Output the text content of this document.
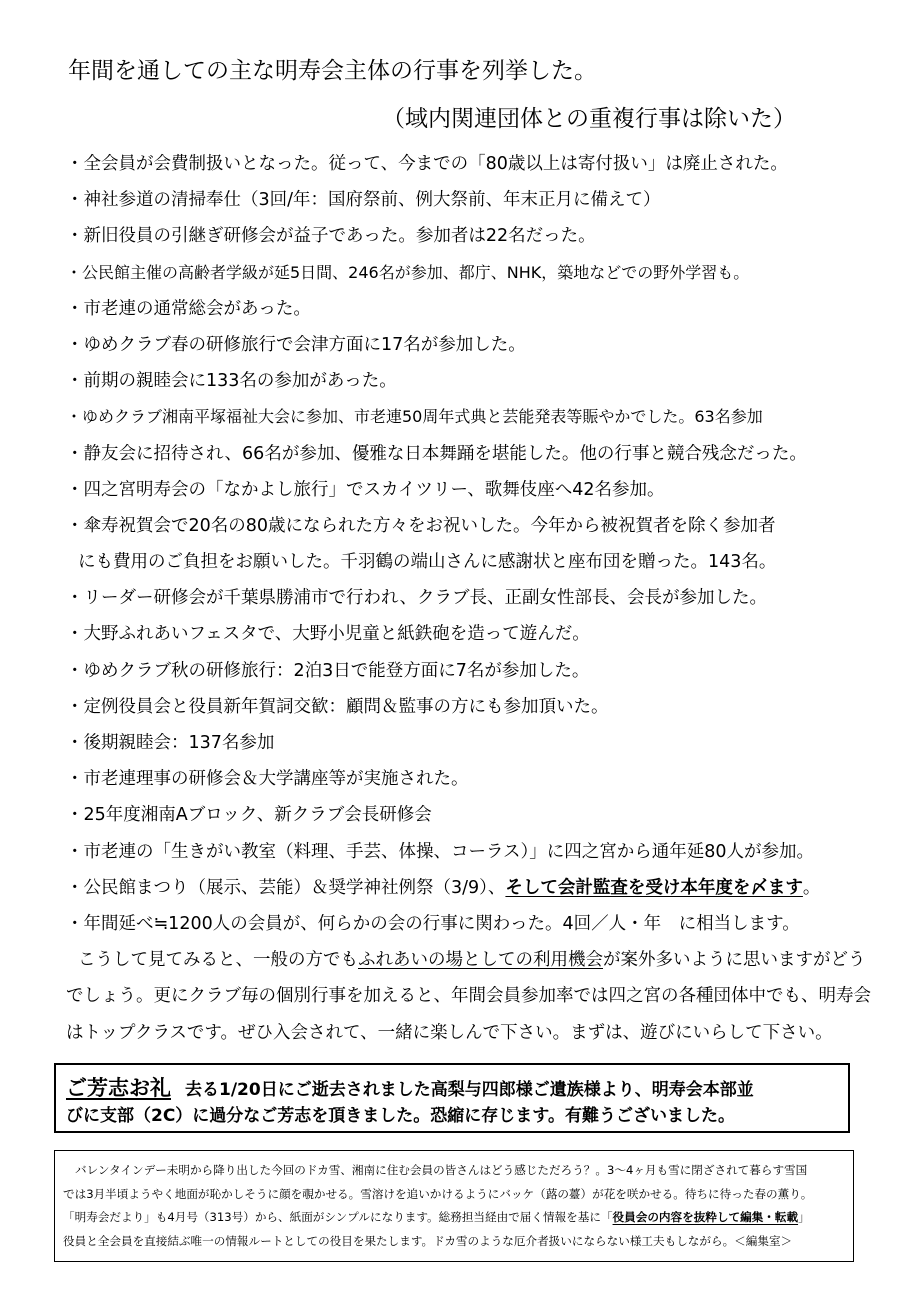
年間を通しての主な明寿会主体の行事を列挙した。
（域内関連団体との重複行事は除いた）
・全会員が会費制扱いとなった。従って、今までの「80歳以上は寄付扱い」は廃止された。
・神社参道の清掃奉仕（3回/年：国府祭前、例大祭前、年末正月に備えて）
・新旧役員の引継ぎ研修会が益子であった。参加者は22名だった。
・公民館主催の高齢者学級が延5日間、246名が参加、都庁、NHK，築地などでの野外学習も。
・市老連の通常総会があった。
・ゆめクラブ春の研修旅行で会津方面に17名が参加した。
・前期の親睦会に133名の参加があった。
・ゆめクラブ湘南平塚福祉大会に参加、市老連50周年式典と芸能発表等賑やかでした。63名参加
・静友会に招待され、66名が参加、優雅な日本舞踊を堪能した。他の行事と競合残念だった。
・四之宮明寿会の「なかよし旅行」でスカイツリー、歌舞伎座へ42名参加。
・傘寿祝賀会で20名の80歳になられた方々をお祝いした。今年から被祝賀者を除く参加者
にも費用のご負担をお願いした。千羽鶴の端山さんに感謝状と座布団を贈った。143名。
・リーダー研修会が千葉県勝浦市で行われ、クラブ長、正副女性部長、会長が参加した。
・大野ふれあいフェスタで、大野小児童と紙鉄砲を造って遊んだ。
・ゆめクラブ秋の研修旅行：2泊3日で能登方面に7名が参加した。
・定例役員会と役員新年賀詞交歓：顧問＆監事の方にも参加頂いた。
・後期親睦会：137名参加
・市老連理事の研修会＆大学講座等が実施された。
・25年度湘南Aブロック、新クラブ会長研修会
・市老連の「生きがい教室（料理、手芸、体操、コーラス）」に四之宮から通年延80人が参加。
・公民館まつり（展示、芸能）＆奨学神社例祭（3/9）、そして会計監査を受け本年度を〆ます。
・年間延べ≒1200人の会員が、何らかの会の行事に関わった。4回／人・年　に相当します。
こうして見てみると、一般の方でもふれあいの場としての利用機会が案外多いように思いますがどう
でしょう。更にクラブ毎の個別行事を加えると、年間会員参加率では四之宮の各種団体中でも、明寿会
はトップクラスです。ぜひ入会されて、一緒に楽しんで下さい。まずは、遊びにいらして下さい。

ご芳志お礼 去る1/20日にご逝去されました高梨与四郎様ご遺族様より、明寿会本部並

びに支部（2C）に過分なご芳志を頂きました。恐縮に存じます。有難うございました。

バレンタインデー未明から降り出した今回のドカ雪、湘南に住む会員の皆さんはどう感じただろう？。3～4ヶ月も雪に閉ざされて暮らす雪国
では3月半頃ようやく地面が恥かしそうに顔を覗かせる。雪溶けを追いかけるようにバッケ（蕗の薹）が花を咲かせる。待ちに待った春の薫り。
「明寿会だより」も4月号（313号）から、紙面がシンプルになります。総務担当経由で届く情報を基に「役員会の内容を抜粋して編集・転載」
役員と全会員を直接結ぶ唯一の情報ルートとしての役目を果たします。ドカ雪のような厄介者扱いにならない様工夫もしながら。＜編集室＞
